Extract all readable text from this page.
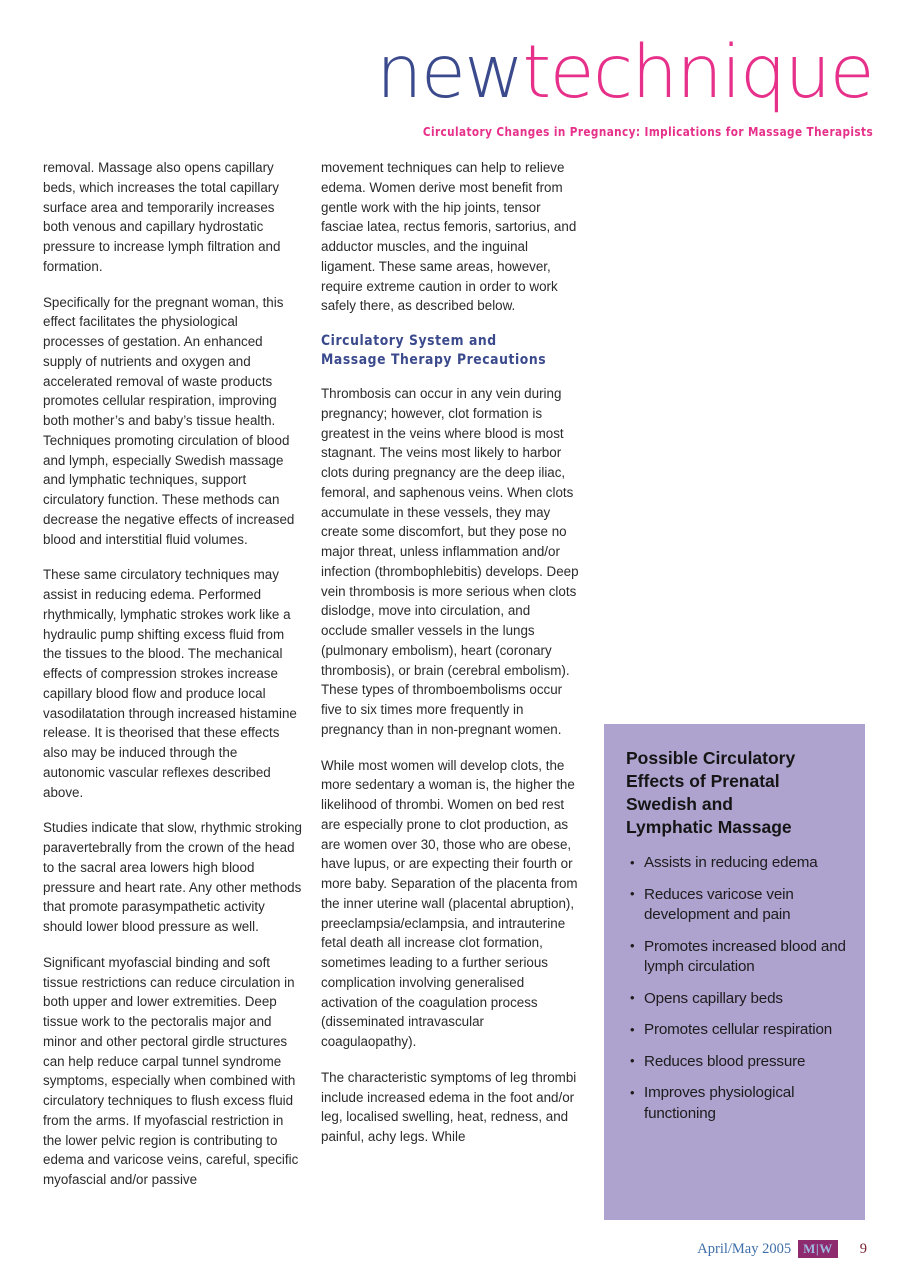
newtechnique
Circulatory Changes in Pregnancy: Implications for Massage Therapists

removal. Massage also opens capillary beds, which increases the total capillary surface area and temporarily increases both venous and capillary hydrostatic pressure to increase lymph filtration and formation.

Specifically for the pregnant woman, this effect facilitates the physiological processes of gestation. An enhanced supply of nutrients and oxygen and accelerated removal of waste products promotes cellular respiration, improving both mother’s and baby’s tissue health. Techniques promoting circulation of blood and lymph, especially Swedish massage and lymphatic techniques, support circulatory function. These methods can decrease the negative effects of increased blood and interstitial fluid volumes.

These same circulatory techniques may assist in reducing edema. Performed rhythmically, lymphatic strokes work like a hydraulic pump shifting excess fluid from the tissues to the blood. The mechanical effects of compression strokes increase capillary blood flow and produce local vasodilatation through increased histamine release. It is theorised that these effects also may be induced through the autonomic vascular reflexes described above.

Studies indicate that slow, rhythmic stroking paravertebrally from the crown of the head to the sacral area lowers high blood pressure and heart rate. Any other methods that promote parasympathetic activity should lower blood pressure as well.

Significant myofascial binding and soft tissue restrictions can reduce circulation in both upper and lower extremities. Deep tissue work to the pectoralis major and minor and other pectoral girdle structures can help reduce carpal tunnel syndrome symptoms, especially when combined with circulatory techniques to flush excess fluid from the arms. If myofascial restriction in the lower pelvic region is contributing to edema and varicose veins, careful, specific myofascial and/or passive

movement techniques can help to relieve edema. Women derive most benefit from gentle work with the hip joints, tensor fasciae latea, rectus femoris, sartorius, and adductor muscles, and the inguinal ligament. These same areas, however, require extreme caution in order to work safely there, as described below.

Circulatory System and
Massage Therapy Precautions

Thrombosis can occur in any vein during pregnancy; however, clot formation is greatest in the veins where blood is most stagnant. The veins most likely to harbor clots during pregnancy are the deep iliac, femoral, and saphenous veins. When clots accumulate in these vessels, they may create some discomfort, but they pose no major threat, unless inflammation and/or infection (thrombophlebitis) develops. Deep vein thrombosis is more serious when clots dislodge, move into circulation, and occlude smaller vessels in the lungs (pulmonary embolism), heart (coronary thrombosis), or brain (cerebral embolism). These types of thromboembolisms occur five to six times more frequently in pregnancy than in non-pregnant women.

While most women will develop clots, the more sedentary a woman is, the higher the likelihood of thrombi. Women on bed rest are especially prone to clot production, as are women over 30, those who are obese, have lupus, or are expecting their fourth or more baby. Separation of the placenta from the inner uterine wall (placental abruption), preeclampsia/eclampsia, and intrauterine fetal death all increase clot formation, sometimes leading to a further serious complication involving generalised activation of the coagulation process (disseminated intravascular coagulaopathy).

The characteristic symptoms of leg thrombi include increased edema in the foot and/or leg, localised swelling, heat, redness, and painful, achy legs. While

Possible Circulatory
Effects of Prenatal
Swedish and
Lymphatic Massage
• Assists in reducing edema
• Reduces varicose vein development and pain
• Promotes increased blood and lymph circulation
• Opens capillary beds
• Promotes cellular respiration
• Reduces blood pressure
• Improves physiological functioning
April/May 2005 M|W	9
